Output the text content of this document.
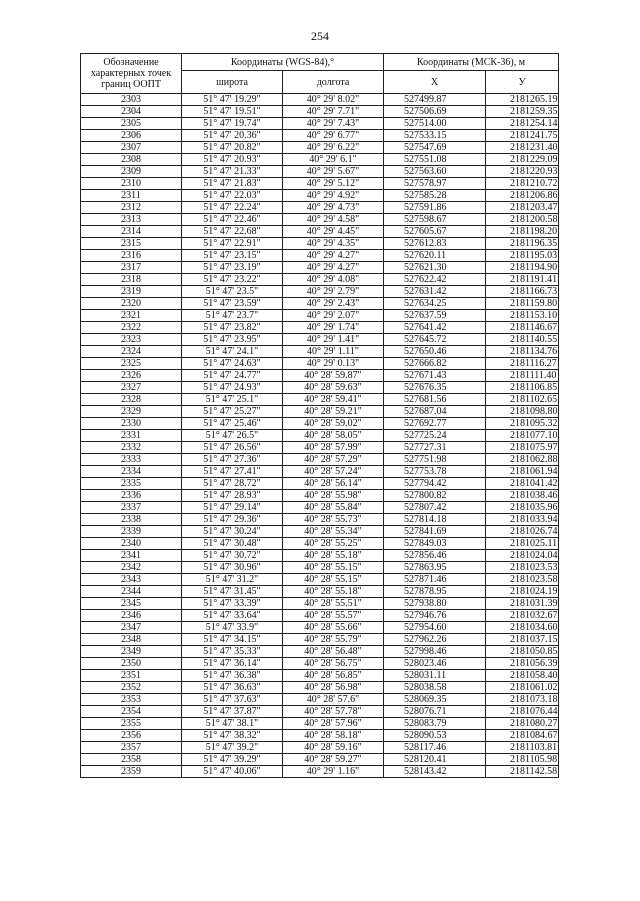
254
Обозначение характерных точек границ ООПТ	Координаты (WGS-84),°		Координаты (МСК-36), м	
	широта	долгота	X	У
2303	51° 47' 19.29"	40° 29' 8.02"	527499.87	2181265.19
2304	51° 47' 19.51"	40° 29' 7.71"	527506.69	2181259.35
2305	51° 47' 19.74"	40° 29' 7.43"	527514.00	2181254.14
2306	51° 47' 20.36"	40° 29' 6.77"	527533.15	2181241.75
2307	51° 47' 20.82"	40° 29' 6.22"	527547.69	2181231.40
2308	51° 47' 20.93"	40° 29' 6.1"	527551.08	2181229.09
2309	51° 47' 21.33"	40° 29' 5.67"	527563.60	2181220.93
2310	51° 47' 21.83"	40° 29' 5.12"	527578.97	2181210.72
2311	51° 47' 22.03"	40° 29' 4.92"	527585.28	2181206.86
2312	51° 47' 22.24"	40° 29' 4.73"	527591.86	2181203.47
2313	51° 47' 22.46"	40° 29' 4.58"	527598.67	2181200.58
2314	51° 47' 22.68"	40° 29' 4.45"	527605.67	2181198.20
2315	51° 47' 22.91"	40° 29' 4.35"	527612.83	2181196.35
2316	51° 47' 23.15"	40° 29' 4.27"	527620.11	2181195.03
2317	51° 47' 23.19"	40° 29' 4.27"	527621.30	2181194.90
2318	51° 47' 23.22"	40° 29' 4.08"	527622.42	2181191.41
2319	51° 47' 23.5"	40° 29' 2.79"	527631.42	2181166.73
2320	51° 47' 23.59"	40° 29' 2.43"	527634.25	2181159.80
2321	51° 47' 23.7"	40° 29' 2.07"	527637.59	2181153.10
2322	51° 47' 23.82"	40° 29' 1.74"	527641.42	2181146.67
2323	51° 47' 23.95"	40° 29' 1.41"	527645.72	2181140.55
2324	51° 47' 24.1"	40° 29' 1.11"	527650.46	2181134.76
2325	51° 47' 24.63"	40° 29' 0.13"	527666.82	2181116.27
2326	51° 47' 24.77"	40° 28' 59.87"	527671.43	2181111.40
2327	51° 47' 24.93"	40° 28' 59.63"	527676.35	2181106.85
2328	51° 47' 25.1"	40° 28' 59.41"	527681.56	2181102.65
2329	51° 47' 25.27"	40° 28' 59.21"	527687.04	2181098.80
2330	51° 47' 25.46"	40° 28' 59.02"	527692.77	2181095.32
2331	51° 47' 26.5"	40° 28' 58.05"	527725.24	2181077.10
2332	51° 47' 26.56"	40° 28' 57.99"	527727.31	2181075.97
2333	51° 47' 27.36"	40° 28' 57.29"	527751.98	2181062.88
2334	51° 47' 27.41"	40° 28' 57.24"	527753.78	2181061.94
2335	51° 47' 28.72"	40° 28' 56.14"	527794.42	2181041.42
2336	51° 47' 28.93"	40° 28' 55.98"	527800.82	2181038.46
2337	51° 47' 29.14"	40° 28' 55.84"	527807.42	2181035.96
2338	51° 47' 29.36"	40° 28' 55.73"	527814.18	2181033.94
2339	51° 47' 30.24"	40° 28' 55.34"	527841.69	2181026.74
2340	51° 47' 30.48"	40° 28' 55.25"	527849.03	2181025.11
2341	51° 47' 30.72"	40° 28' 55.18"	527856.46	2181024.04
2342	51° 47' 30.96"	40° 28' 55.15"	527863.95	2181023.53
2343	51° 47' 31.2"	40° 28' 55.15"	527871.46	2181023.58
2344	51° 47' 31.45"	40° 28' 55.18"	527878.95	2181024.19
2345	51° 47' 33.39"	40° 28' 55.51"	527938.80	2181031.39
2346	51° 47' 33.64"	40° 28' 55.57"	527946.76	2181032.67
2347	51° 47' 33.9"	40° 28' 55.66"	527954.60	2181034.60
2348	51° 47' 34.15"	40° 28' 55.79"	527962.26	2181037.15
2349	51° 47' 35.33"	40° 28' 56.48"	527998.46	2181050.85
2350	51° 47' 36.14"	40° 28' 56.75"	528023.46	2181056.39
2351	51° 47' 36.38"	40° 28' 56.85"	528031.11	2181058.40
2352	51° 47' 36.63"	40° 28' 56.98"	528038.58	2181061.02
2353	51° 47' 37.63"	40° 28' 57.6"	528069.35	2181073.18
2354	51° 47' 37.87"	40° 28' 57.78"	528076.71	2181076.44
2355	51° 47' 38.1"	40° 28' 57.96"	528083.79	2181080.27
2356	51° 47' 38.32"	40° 28' 58.18"	528090.53	2181084.67
2357	51° 47' 39.2"	40° 28' 59.16"	528117.46	2181103.81
2358	51° 47' 39.29"	40° 28' 59.27"	528120.41	2181105.98
2359	51° 47' 40.06"	40° 29' 1.16"	528143.42	2181142.58
